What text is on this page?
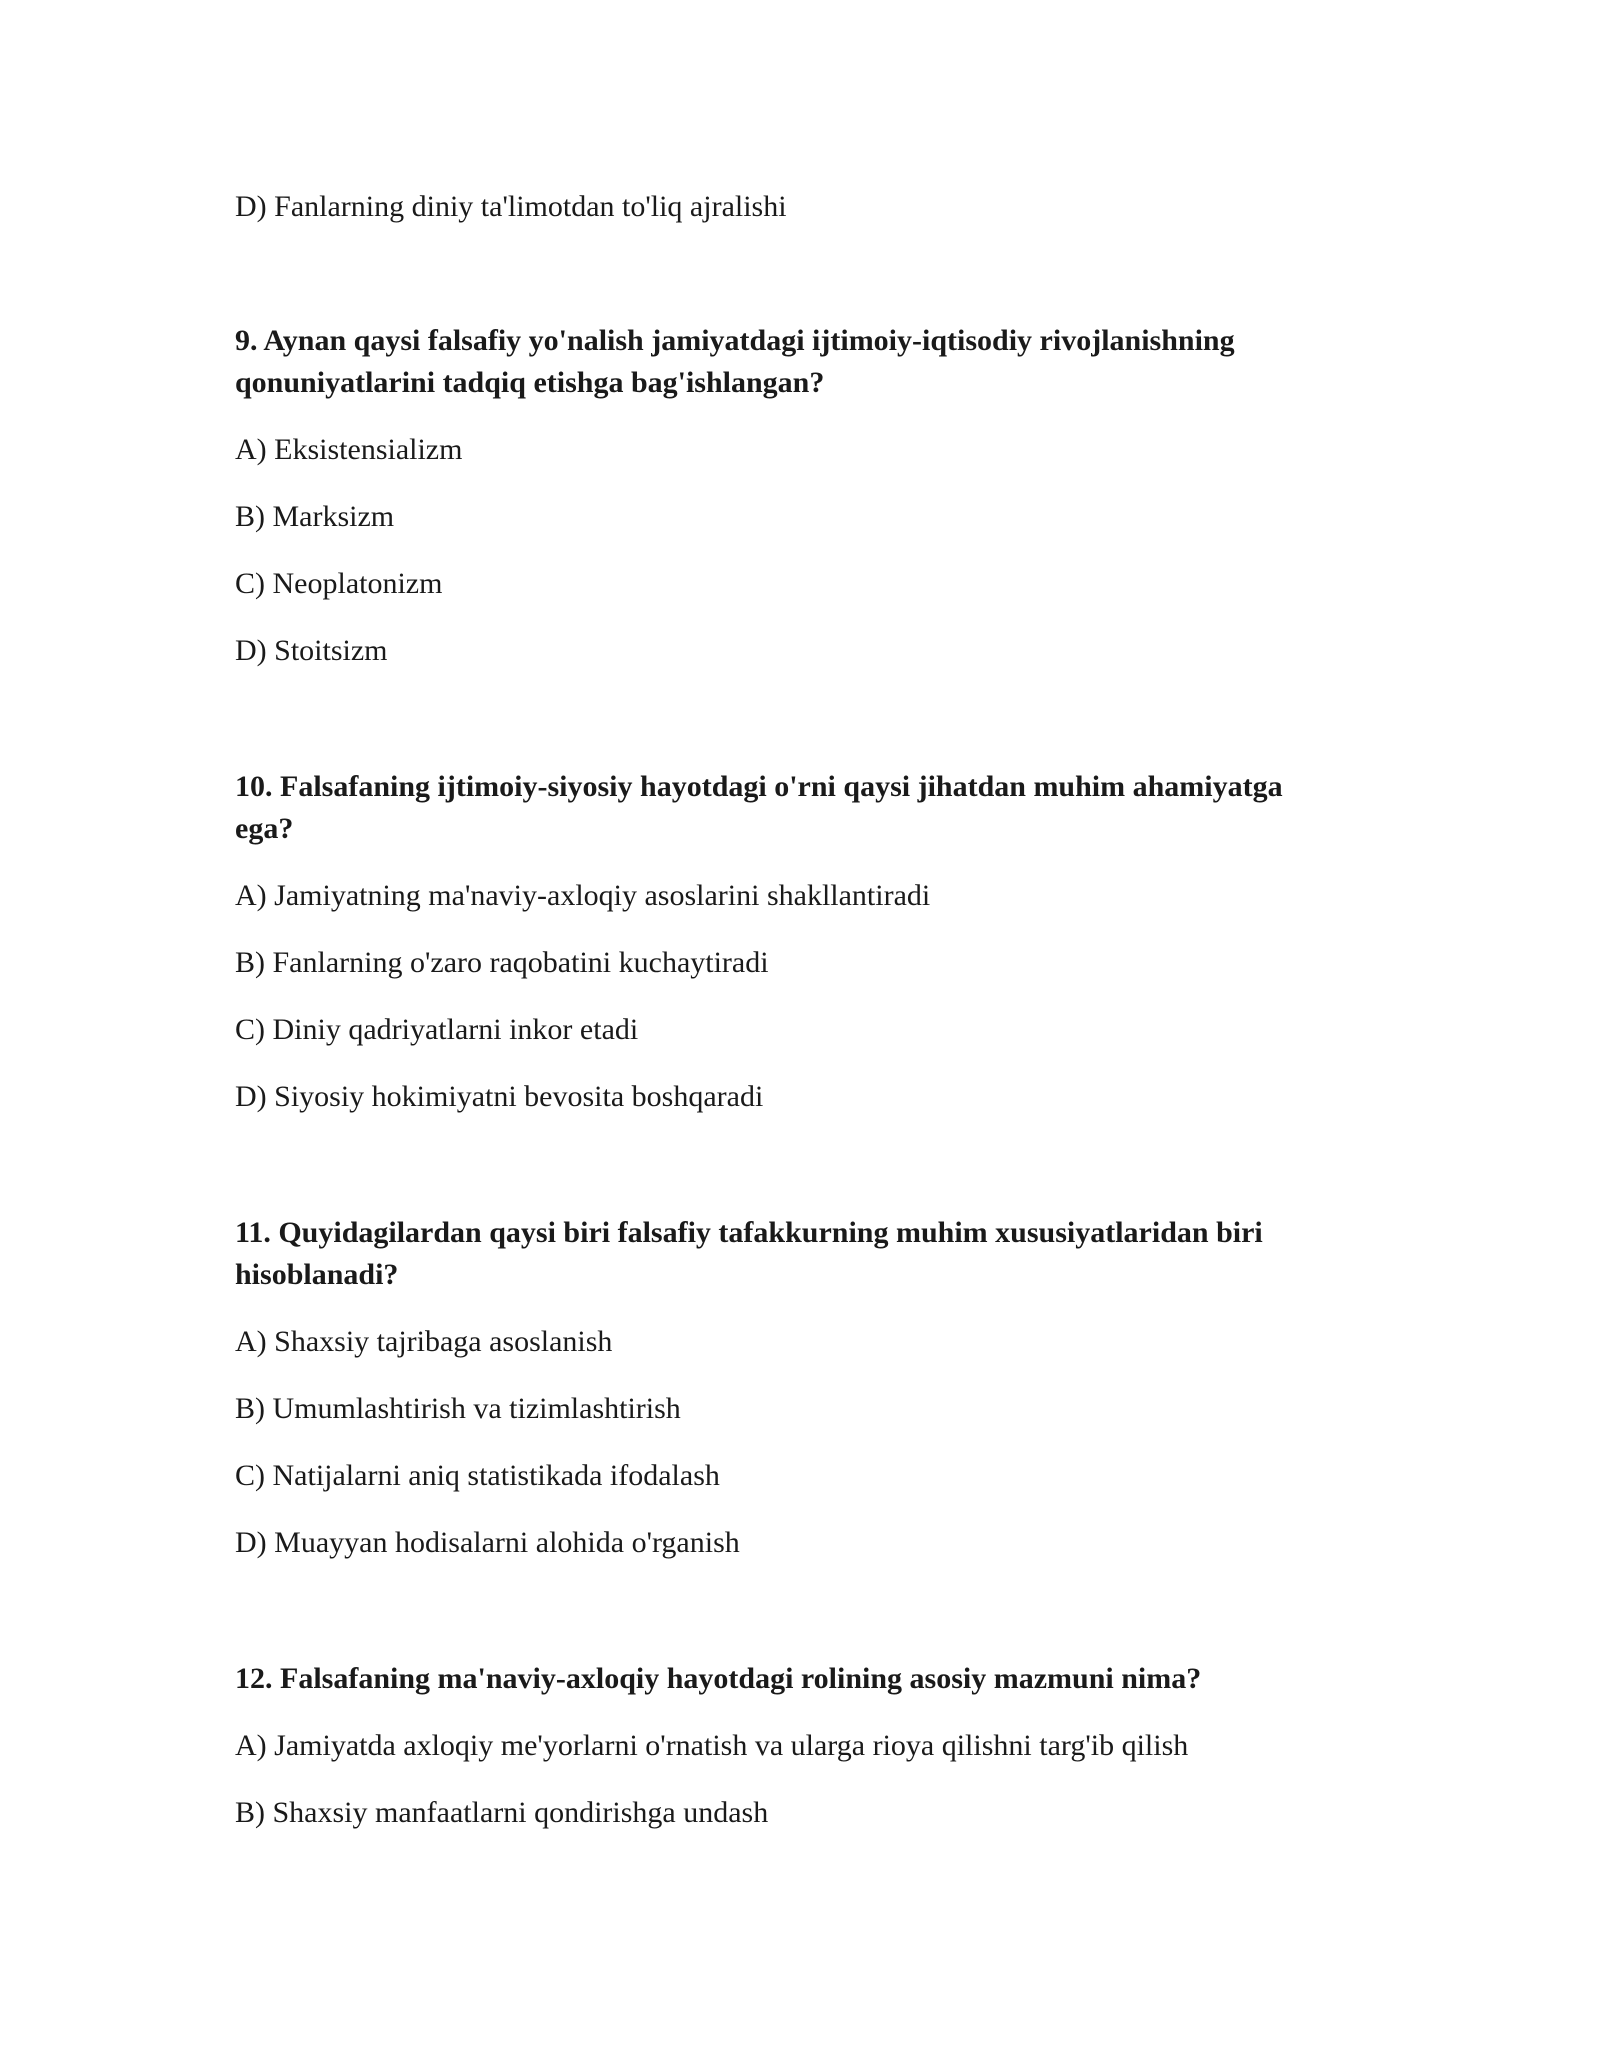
D) Fanlarning diniy ta'limotdan to'liq ajralishi
9. Aynan qaysi falsafiy yo'nalish jamiyatdagi ijtimoiy-iqtisodiy rivojlanishning
qonuniyatlarini tadqiq etishga bag'ishlangan?
A) Eksistensializm
B) Marksizm
C) Neoplatonizm
D) Stoitsizm
10. Falsafaning ijtimoiy-siyosiy hayotdagi o'rni qaysi jihatdan muhim ahamiyatga
ega?
A) Jamiyatning ma'naviy-axloqiy asoslarini shakllantiradi
B) Fanlarning o'zaro raqobatini kuchaytiradi
C) Diniy qadriyatlarni inkor etadi
D) Siyosiy hokimiyatni bevosita boshqaradi
11. Quyidagilardan qaysi biri falsafiy tafakkurning muhim xususiyatlaridan biri
hisoblanadi?
A) Shaxsiy tajribaga asoslanish
B) Umumlashtirish va tizimlashtirish
C) Natijalarni aniq statistikada ifodalash
D) Muayyan hodisalarni alohida o'rganish
12. Falsafaning ma'naviy-axloqiy hayotdagi rolining asosiy mazmuni nima?
A) Jamiyatda axloqiy me'yorlarni o'rnatish va ularga rioya qilishni targ'ib qilish
B) Shaxsiy manfaatlarni qondirishga undash
